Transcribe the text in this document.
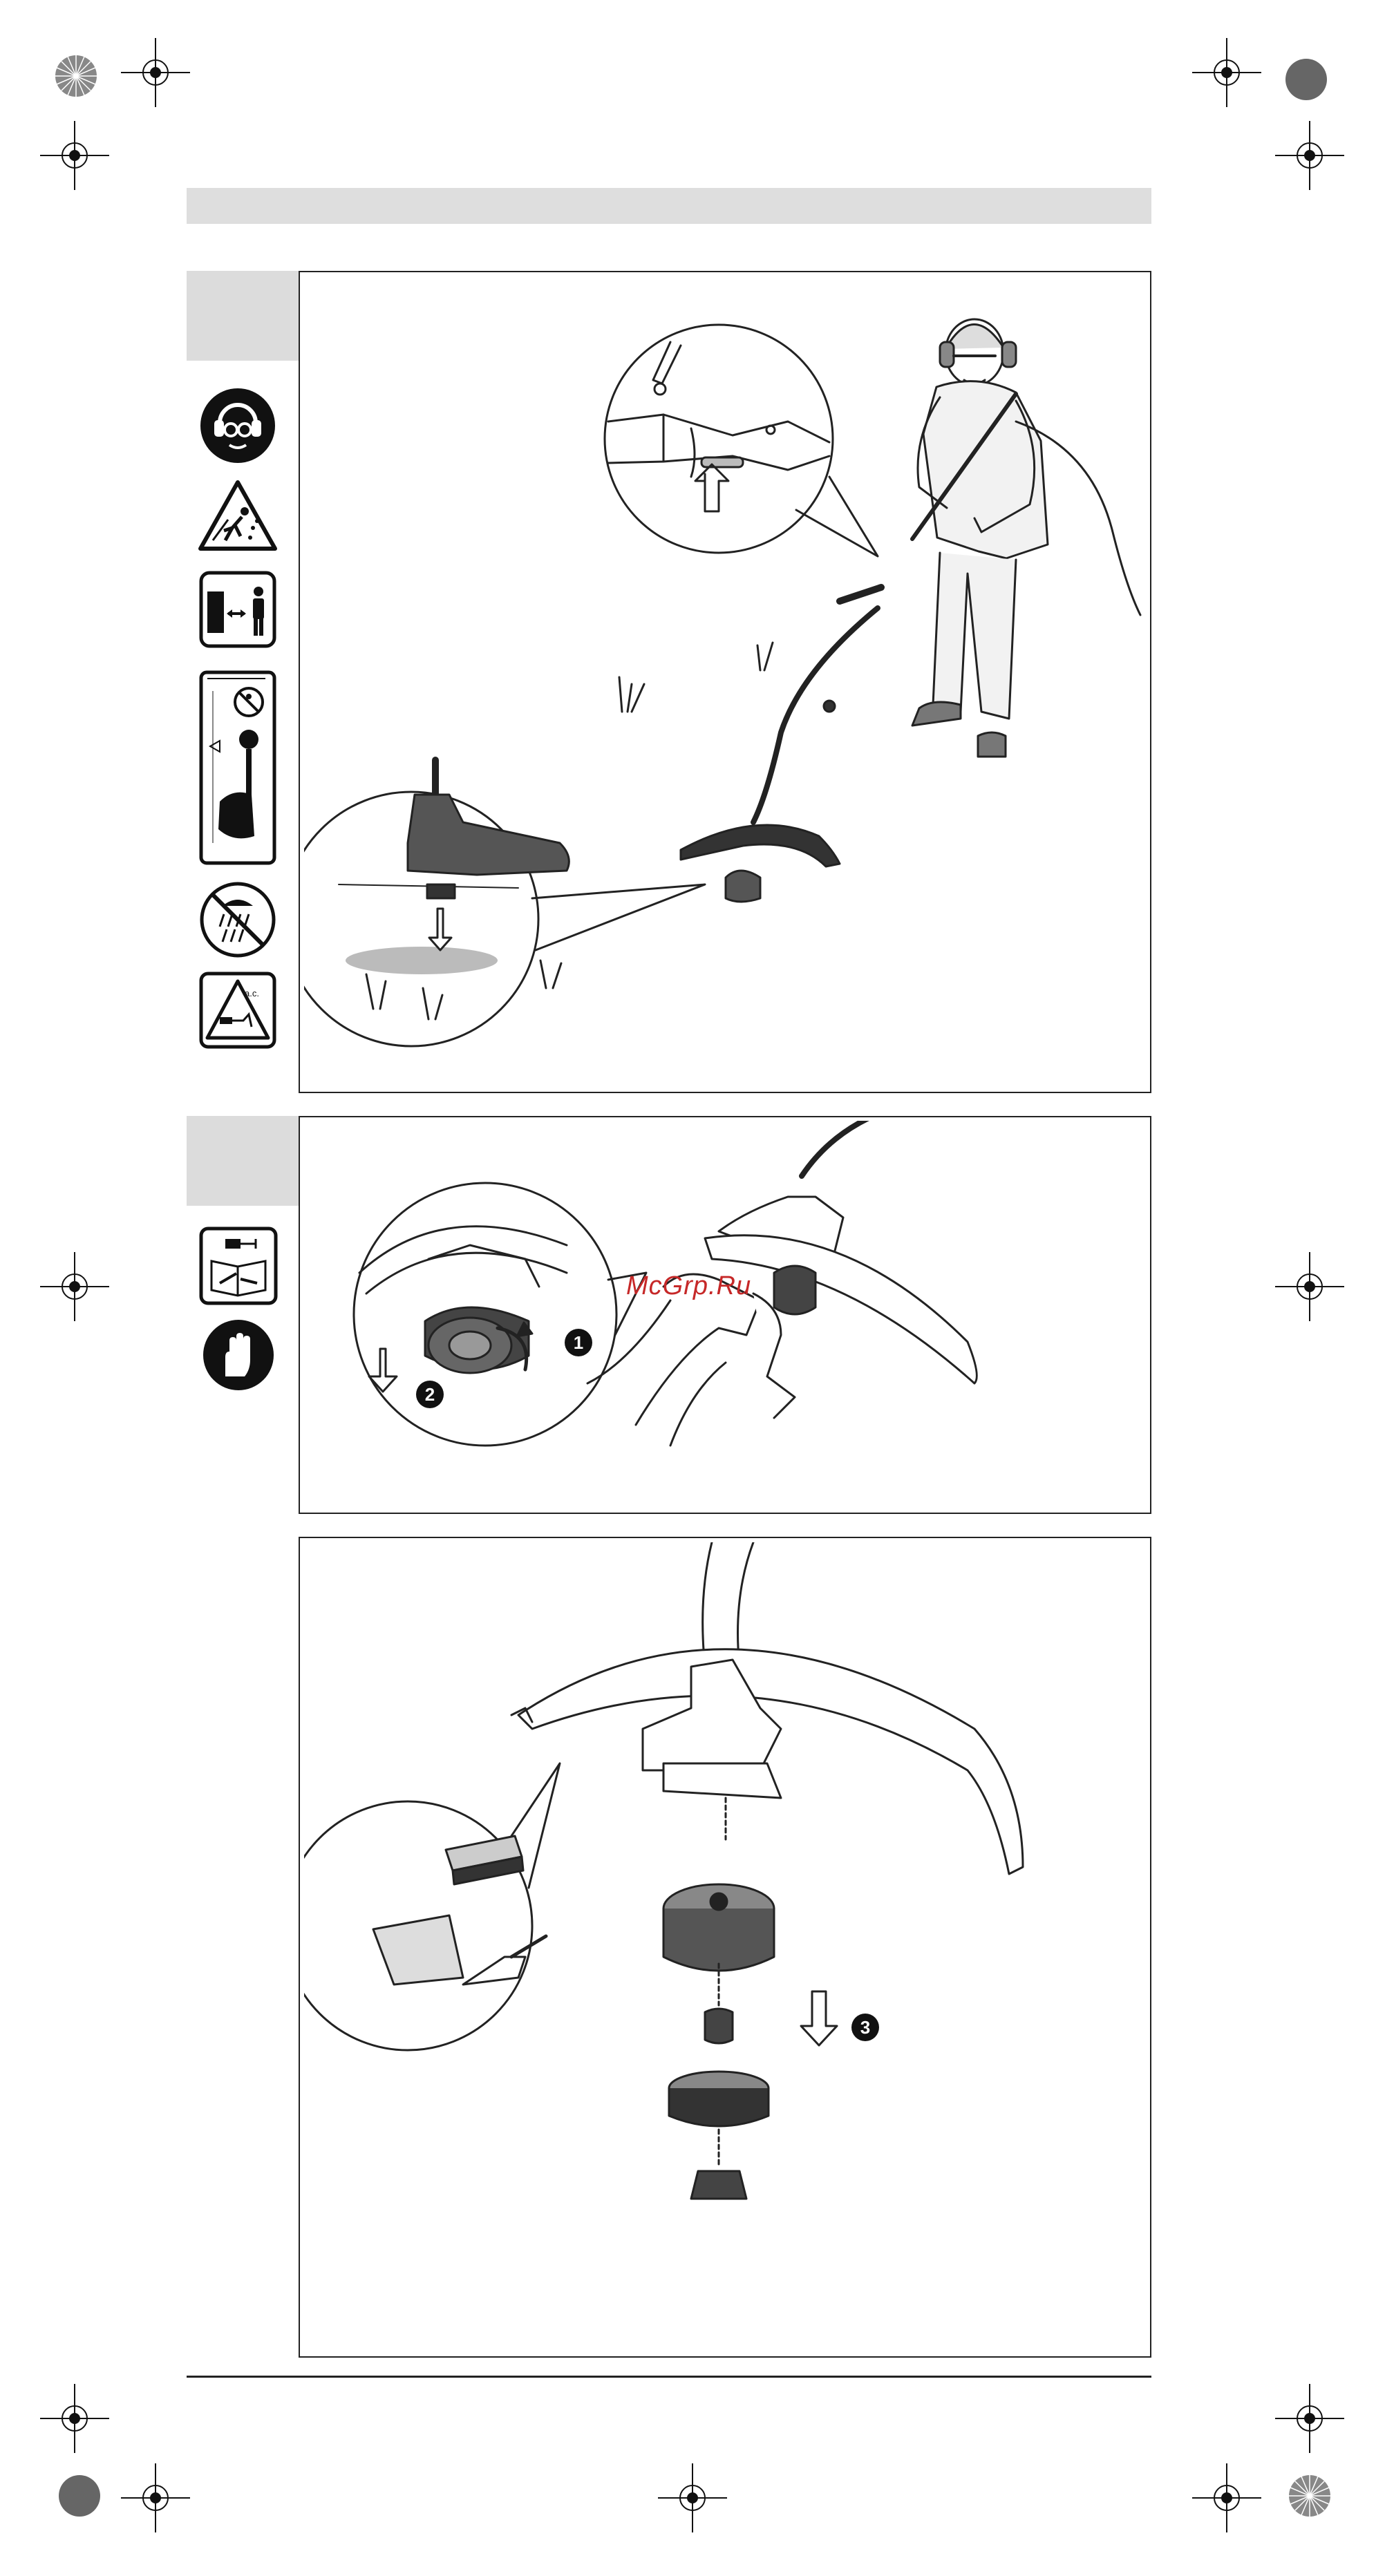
a.c.
McGrp.Ru
1
2
3
